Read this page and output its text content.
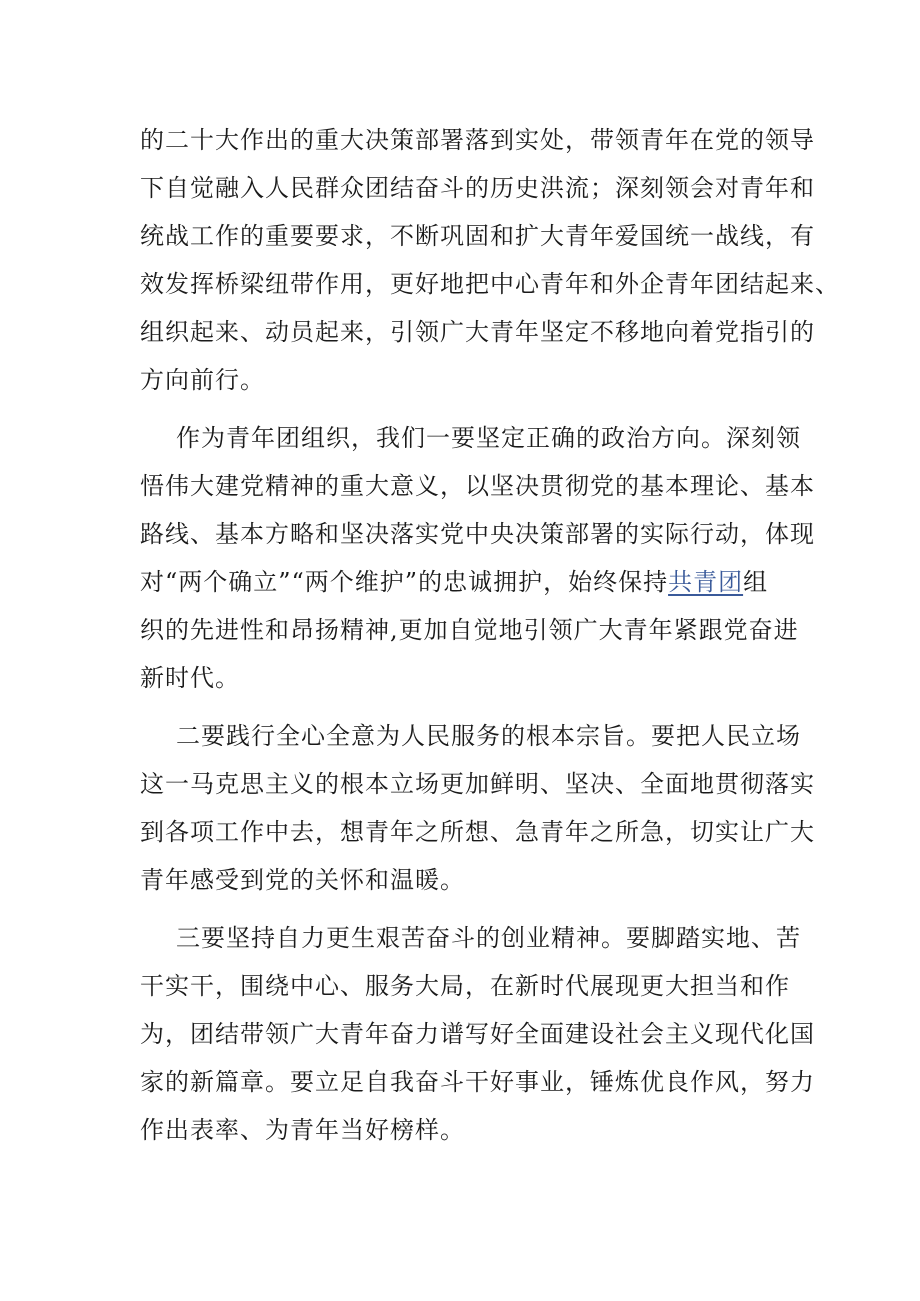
的二十大作出的重大决策部署落到实处，带领青年在党的领导
下自觉融入人民群众团结奋斗的历史洪流；深刻领会对青年和
统战工作的重要要求，不断巩固和扩大青年爱国统一战线，有
效发挥桥梁纽带作用，更好地把中心青年和外企青年团结起来、
组织起来、动员起来，引领广大青年坚定不移地向着党指引的
方向前行。
作为青年团组织，我们一要坚定正确的政治方向。深刻领
悟伟大建党精神的重大意义，以坚决贯彻党的基本理论、基本
路线、基本方略和坚决落实党中央决策部署的实际行动，体现
对“两个确立”“两个维护”的忠诚拥护，始终保持共青团组
织的先进性和昂扬精神,更加自觉地引领广大青年紧跟党奋进
新时代。
二要践行全心全意为人民服务的根本宗旨。要把人民立场
这一马克思主义的根本立场更加鲜明、坚决、全面地贯彻落实
到各项工作中去，想青年之所想、急青年之所急，切实让广大
青年感受到党的关怀和温暖。
三要坚持自力更生艰苦奋斗的创业精神。要脚踏实地、苦
干实干，围绕中心、服务大局，在新时代展现更大担当和作
为，团结带领广大青年奋力谱写好全面建设社会主义现代化国
家的新篇章。要立足自我奋斗干好事业，锤炼优良作风，努力
作出表率、为青年当好榜样。
